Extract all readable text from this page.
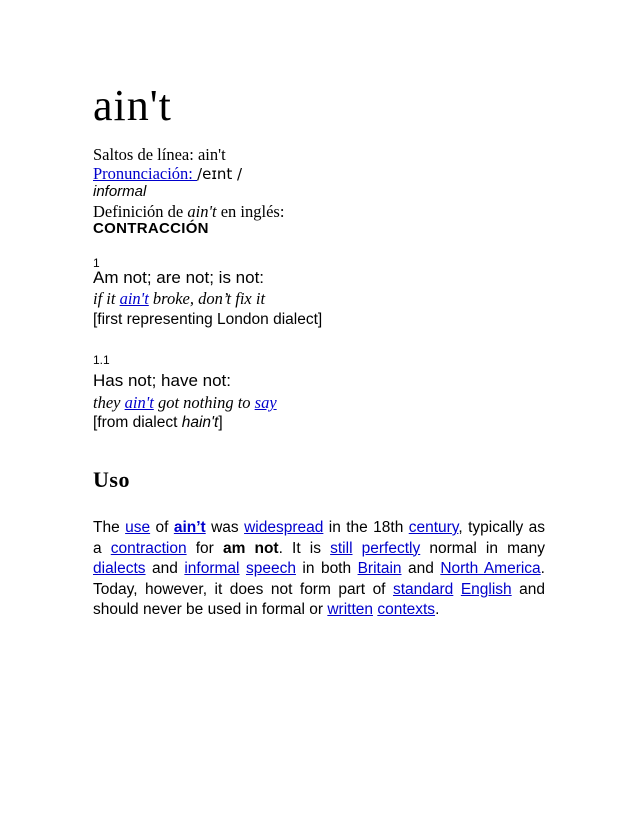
ain't
Saltos de línea: ain't
Pronunciación: /eɪnt /
informal
Definición de ain't en inglés:
CONTRACCIÓN
1
Am not; are not; is not:
if it ain't broke, don’t fix it
[first representing London dialect]
1.1
Has not; have not:
they ain't got nothing to say
[from dialect hain't]
Uso
The use of ain’t was widespread in the 18th century, typically as a contraction for am not. It is still perfectly normal in many dialects and informal speech in both Britain and North America. Today, however, it does not form part of standard English and should never be used in formal or written contexts.
